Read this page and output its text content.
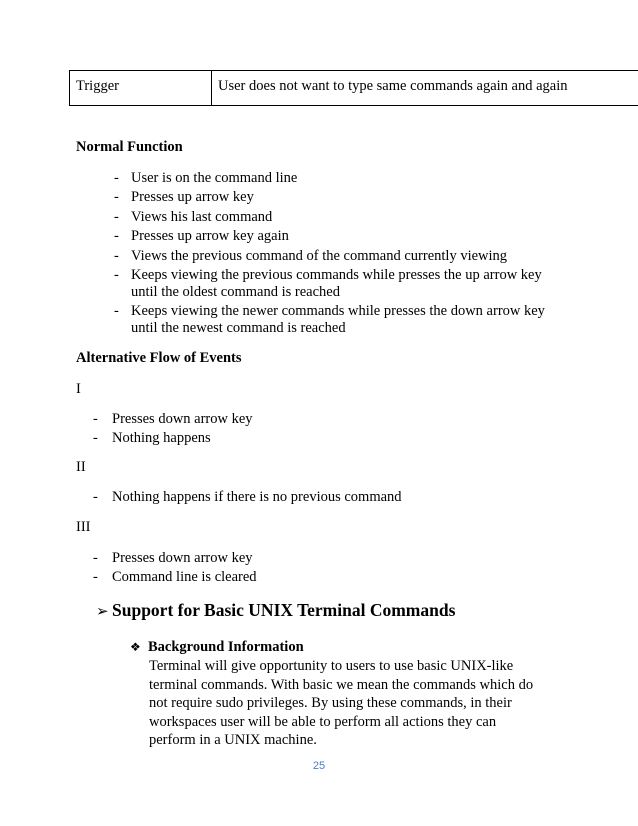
Trigger	User does not want to type same commands again and again
Normal Function
- User is on the command line
- Presses up arrow key
- Views his last command
- Presses up arrow key again
- Views the previous command of the command currently viewing
- Keeps viewing the previous commands while presses the up arrow key
until the oldest command is reached
- Keeps viewing the newer commands while presses the down arrow key
until the newest command is reached
Alternative Flow of Events
I
- Presses down arrow key
- Nothing happens
II
- Nothing happens if there is no previous command
III
- Presses down arrow key
- Command line is cleared
➢ Support for Basic UNIX Terminal Commands
❖ Background Information
Terminal will give opportunity to users to use basic UNIX-like
terminal commands. With basic we mean the commands which do
not require sudo privileges. By using these commands, in their
workspaces user will be able to perform all actions they can
perform in a UNIX machine.
25
